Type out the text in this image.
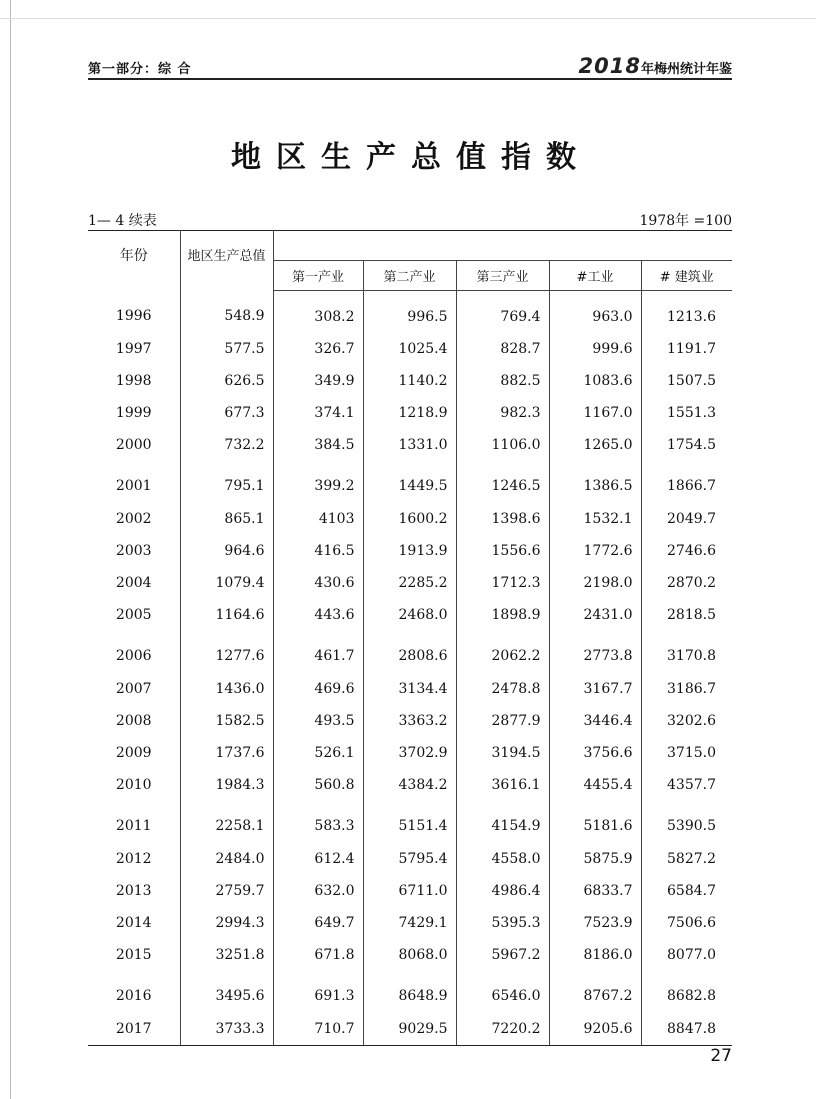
第一部分：综 合	2018年梅州统计年鉴
地区生产总值指数
1— 4 续表	1978年 =100
年份	地区生产总值					
		第一产业	第二产业	第三产业	#工业	# 建筑业
1996	548.9	308.2	996.5	769.4	963.0	1213.6
1997	577.5	326.7	1025.4	828.7	999.6	1191.7
1998	626.5	349.9	1140.2	882.5	1083.6	1507.5
1999	677.3	374.1	1218.9	982.3	1167.0	1551.3
2000	732.2	384.5	1331.0	1106.0	1265.0	1754.5
2001	795.1	399.2	1449.5	1246.5	1386.5	1866.7
2002	865.1	4103	1600.2	1398.6	1532.1	2049.7
2003	964.6	416.5	1913.9	1556.6	1772.6	2746.6
2004	1079.4	430.6	2285.2	1712.3	2198.0	2870.2
2005	1164.6	443.6	2468.0	1898.9	2431.0	2818.5
2006	1277.6	461.7	2808.6	2062.2	2773.8	3170.8
2007	1436.0	469.6	3134.4	2478.8	3167.7	3186.7
2008	1582.5	493.5	3363.2	2877.9	3446.4	3202.6
2009	1737.6	526.1	3702.9	3194.5	3756.6	3715.0
2010	1984.3	560.8	4384.2	3616.1	4455.4	4357.7
2011	2258.1	583.3	5151.4	4154.9	5181.6	5390.5
2012	2484.0	612.4	5795.4	4558.0	5875.9	5827.2
2013	2759.7	632.0	6711.0	4986.4	6833.7	6584.7
2014	2994.3	649.7	7429.1	5395.3	7523.9	7506.6
2015	3251.8	671.8	8068.0	5967.2	8186.0	8077.0
2016	3495.6	691.3	8648.9	6546.0	8767.2	8682.8
2017	3733.3	710.7	9029.5	7220.2	9205.6	8847.8
27
